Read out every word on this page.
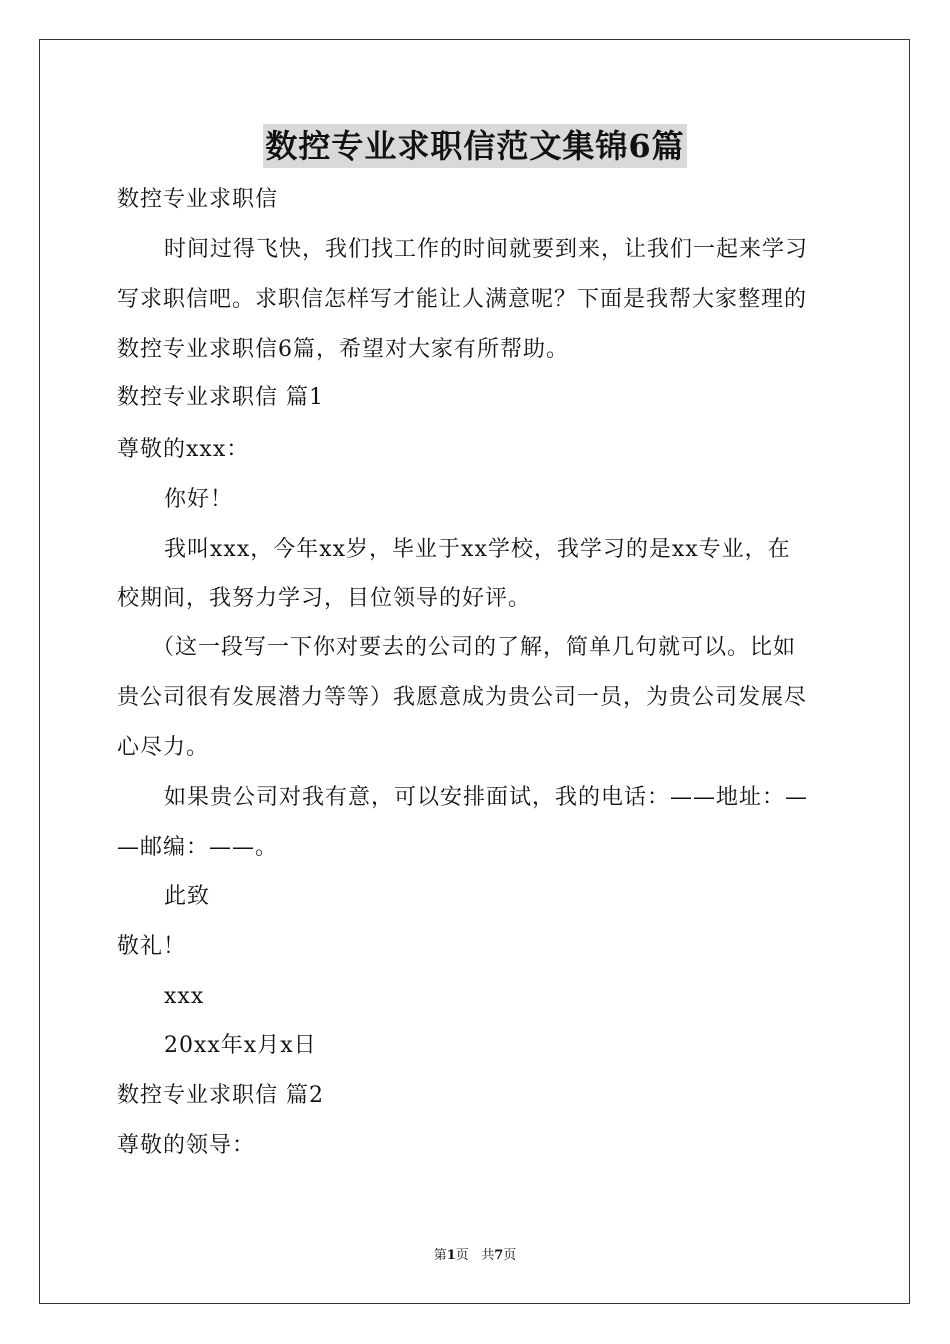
数控专业求职信范文集锦6篇
数控专业求职信
时间过得飞快，我们找工作的时间就要到来，让我们一起来学习
写求职信吧。求职信怎样写才能让人满意呢？下面是我帮大家整理的
数控专业求职信6篇，希望对大家有所帮助。
数控专业求职信 篇1
尊敬的xxx：
你好！
我叫xxx，今年xx岁，毕业于xx学校，我学习的是xx专业，在
校期间，我努力学习，目位领导的好评。
（这一段写一下你对要去的公司的了解，简单几句就可以。比如
贵公司很有发展潜力等等）我愿意成为贵公司一员，为贵公司发展尽
心尽力。
如果贵公司对我有意，可以安排面试，我的电话：——地址：—
—邮编：——。
此致
敬礼！
xxx
20xx年x月x日
数控专业求职信 篇2
尊敬的领导：
第1页 共7页
